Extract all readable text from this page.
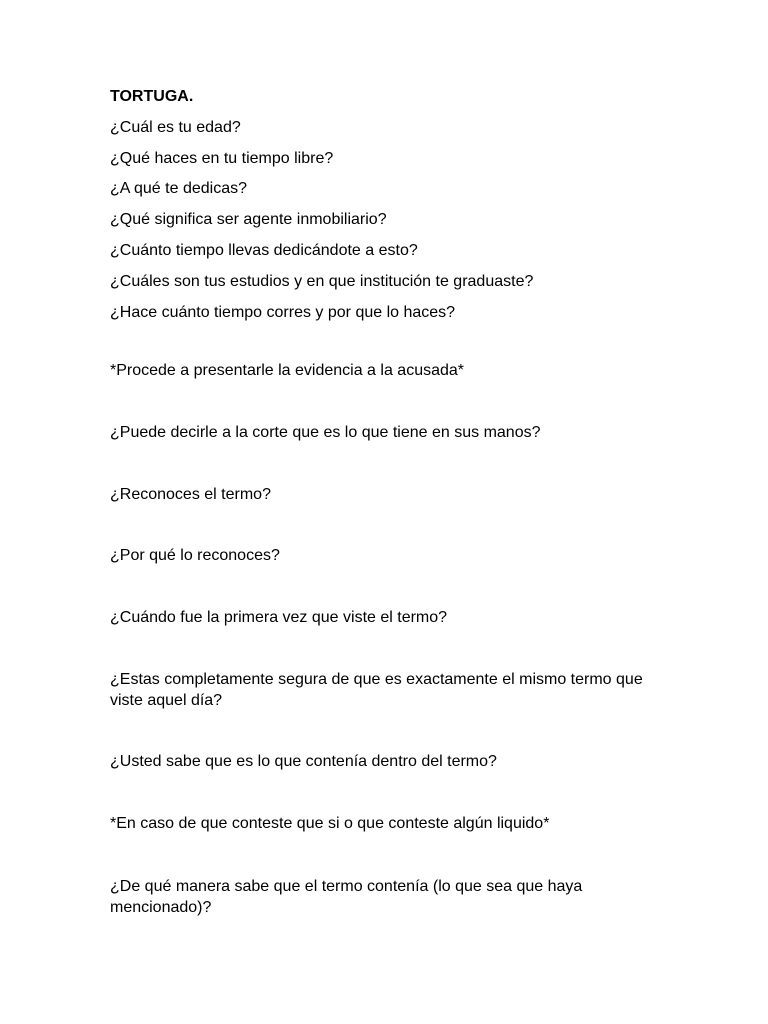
TORTUGA.
¿Cuál es tu edad?
¿Qué haces en tu tiempo libre?
¿A qué te dedicas?
¿Qué significa ser agente inmobiliario?
¿Cuánto tiempo llevas dedicándote a esto?
¿Cuáles son tus estudios y en que institución te graduaste?
¿Hace cuánto tiempo corres y por que lo haces?
*Procede a presentarle la evidencia a la acusada*
¿Puede decirle a la corte que es lo que tiene en sus manos?
¿Reconoces el termo?
¿Por qué lo reconoces?
¿Cuándo fue la primera vez que viste el termo?
¿Estas completamente segura de que es exactamente el mismo termo que viste aquel día?
¿Usted sabe que es lo que contenía dentro del termo?
*En caso de que conteste que si o que conteste algún liquido*
¿De qué manera sabe que el termo contenía (lo que sea que haya mencionado)?
